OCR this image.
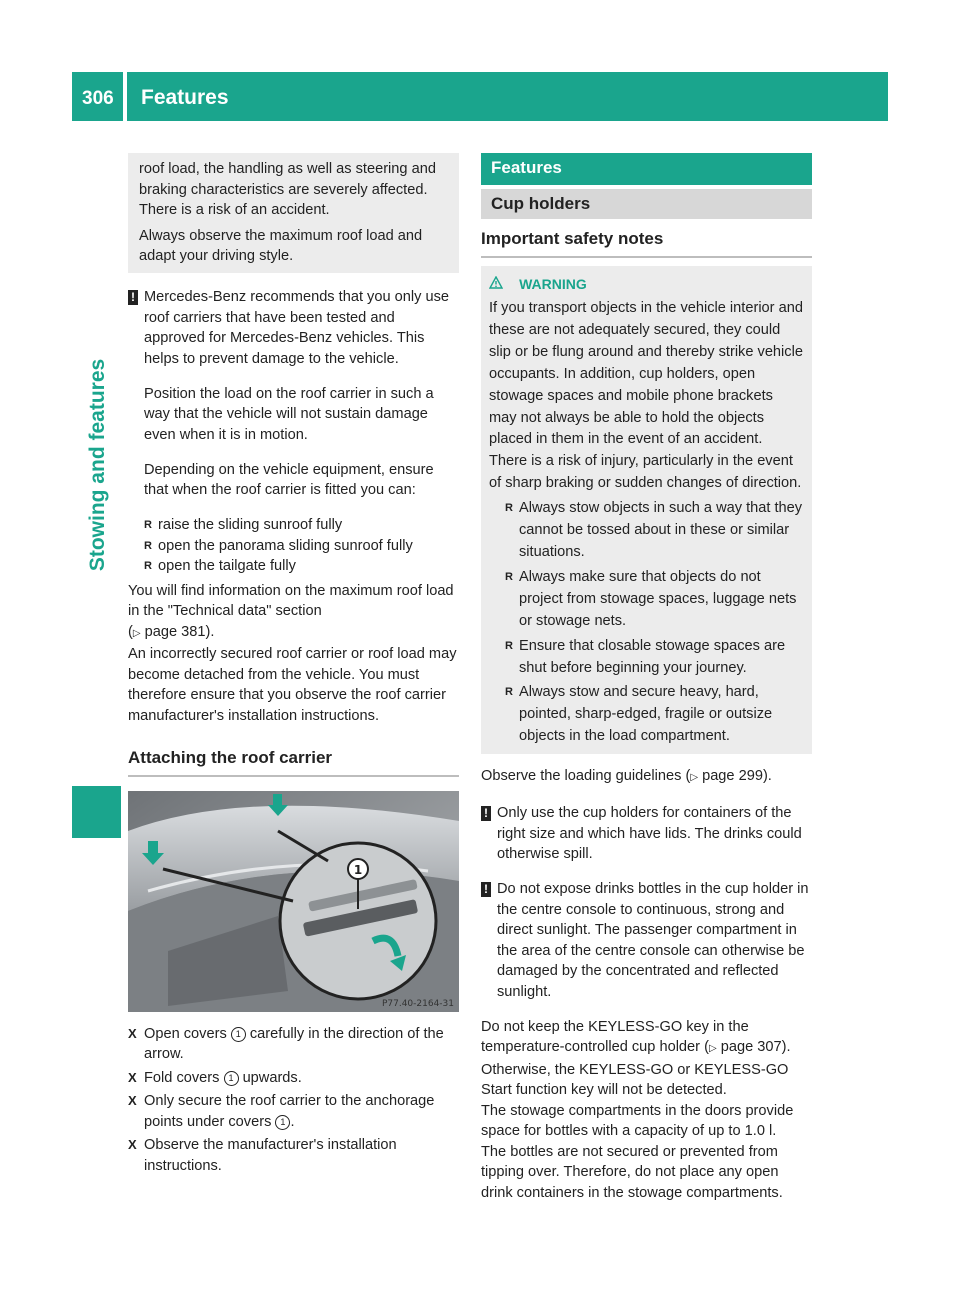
306 Features
Stowing and features

roof load, the handling as well as steering and braking characteristics are severely affected. There is a risk of an accident.

Always observe the maximum roof load and adapt your driving style.

! Mercedes-Benz recommends that you only use roof carriers that have been tested and approved for Mercedes-Benz vehicles. This helps to prevent damage to the vehicle.

Position the load on the roof carrier in such a way that the vehicle will not sustain damage even when it is in motion.

Depending on the vehicle equipment, ensure that when the roof carrier is fitted you can:

R raise the sliding sunroof fully
R open the panorama sliding sunroof fully
R open the tailgate fully

You will find information on the maximum roof load in the "Technical data" section
(▷ page 381).

An incorrectly secured roof carrier or roof load may become detached from the vehicle. You must therefore ensure that you observe the roof carrier manufacturer's installation instructions.

Attaching the roof carrier
1
P77.40-2164-31
X Open covers 1 carefully in the direction of the arrow.
X Fold covers 1 upwards.
X Only secure the roof carrier to the anchorage points under covers 1 .
X Observe the manufacturer's installation instructions.
Features
Cup holders
Important safety notes
WARNING

If you transport objects in the vehicle interior and these are not adequately secured, they could slip or be flung around and thereby strike vehicle occupants. In addition, cup holders, open stowage spaces and mobile phone brackets may not always be able to hold the objects placed in them in the event of an accident. There is a risk of injury, particularly in the event of sharp braking or sudden changes of direction.

R Always stow objects in such a way that they cannot be tossed about in these or similar situations.
R Always make sure that objects do not project from stowage spaces, luggage nets or stowage nets.
R Ensure that closable stowage spaces are shut before beginning your journey.
R Always stow and secure heavy, hard, pointed, sharp-edged, fragile or outsize objects in the load compartment.

Observe the loading guidelines (▷ page 299).

! Only use the cup holders for containers of the right size and which have lids. The drinks could otherwise spill.

! Do not expose drinks bottles in the cup holder in the centre console to continuous, strong and direct sunlight. The passenger compartment in the area of the centre console can otherwise be damaged by the concentrated and reflected sunlight.

Do not keep the KEYLESS-GO key in the temperature-controlled cup holder (▷ page 307). Otherwise, the KEYLESS-GO or KEYLESS-GO Start function key will not be detected.

The stowage compartments in the doors provide space for bottles with a capacity of up to 1.0 l.

The bottles are not secured or prevented from tipping over. Therefore, do not place any open drink containers in the stowage compartments.
